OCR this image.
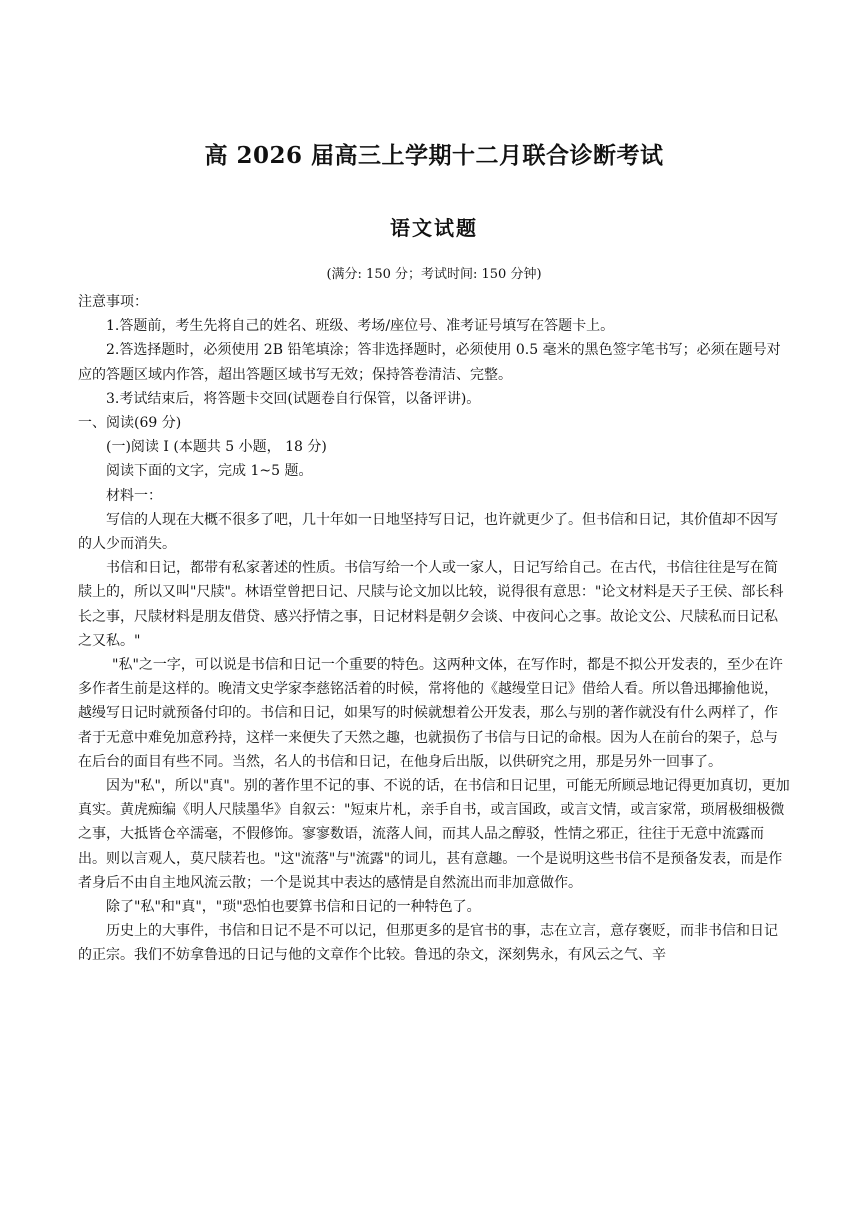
高 2026 届高三上学期十二月联合诊断考试
语文试题

(满分: 150 分；考试时间: 150 分钟)

注意事项：

1.答题前，考生先将自己的姓名、班级、考场/座位号、准考证号填写在答题卡上。

2.答选择题时，必须使用 2B 铅笔填涂；答非选择题时，必须使用 0.5 毫米的黑色签字笔书写；必须在题号对应的答题区域内作答，超出答题区域书写无效；保持答卷清洁、完整。

3.考试结束后，将答题卡交回(试题卷自行保管，以备评讲)。

一、阅读(69 分)

(一)阅读 Ⅰ (本题共 5 小题， 18 分)

阅读下面的文字，完成 1~5 题。

材料一：

写信的人现在大概不很多了吧，几十年如一日地坚持写日记，也许就更少了。但书信和日记，其价值却不因写的人少而消失。

书信和日记，都带有私家著述的性质。书信写给一个人或一家人，日记写给自己。在古代，书信往往是写在简牍上的，所以又叫"尺牍"。林语堂曾把日记、尺牍与论文加以比较，说得很有意思："论文材料是天子王侯、部长科长之事，尺牍材料是朋友借贷、感兴抒情之事，日记材料是朝夕会谈、中夜问心之事。故论文公、尺牍私而日记私之又私。"

"私"之一字，可以说是书信和日记一个重要的特色。这两种文体，在写作时，都是不拟公开发表的，至少在许多作者生前是这样的。晚清文史学家李慈铭活着的时候，常将他的《越缦堂日记》借给人看。所以鲁迅揶揄他说，越缦写日记时就预备付印的。书信和日记，如果写的时候就想着公开发表，那么与别的著作就没有什么两样了，作者于无意中难免加意矜持，这样一来便失了天然之趣，也就损伤了书信与日记的命根。因为人在前台的架子，总与在后台的面目有些不同。当然，名人的书信和日记，在他身后出版，以供研究之用，那是另外一回事了。

因为"私"，所以"真"。别的著作里不记的事、不说的话，在书信和日记里，可能无所顾忌地记得更加真切，更加真实。黄虎痴编《明人尺牍墨华》自叙云："短束片札，亲手自书，或言国政，或言文情，或言家常，琐屑极细极微之事，大抵皆仓卒濡毫，不假修饰。寥寥数语，流落人间，而其人品之醇驳，性情之邪正，往往于无意中流露而出。则以言观人，莫尺牍若也。"这"流落"与"流露"的词儿，甚有意趣。一个是说明这些书信不是预备发表，而是作者身后不由自主地风流云散；一个是说其中表达的感情是自然流出而非加意做作。

除了"私"和"真"，"琐"恐怕也要算书信和日记的一种特色了。

历史上的大事件，书信和日记不是不可以记，但那更多的是官书的事，志在立言，意存褒贬，而非书信和日记的正宗。我们不妨拿鲁迅的日记与他的文章作个比较。鲁迅的杂文，深刻隽永，有风云之气、辛
